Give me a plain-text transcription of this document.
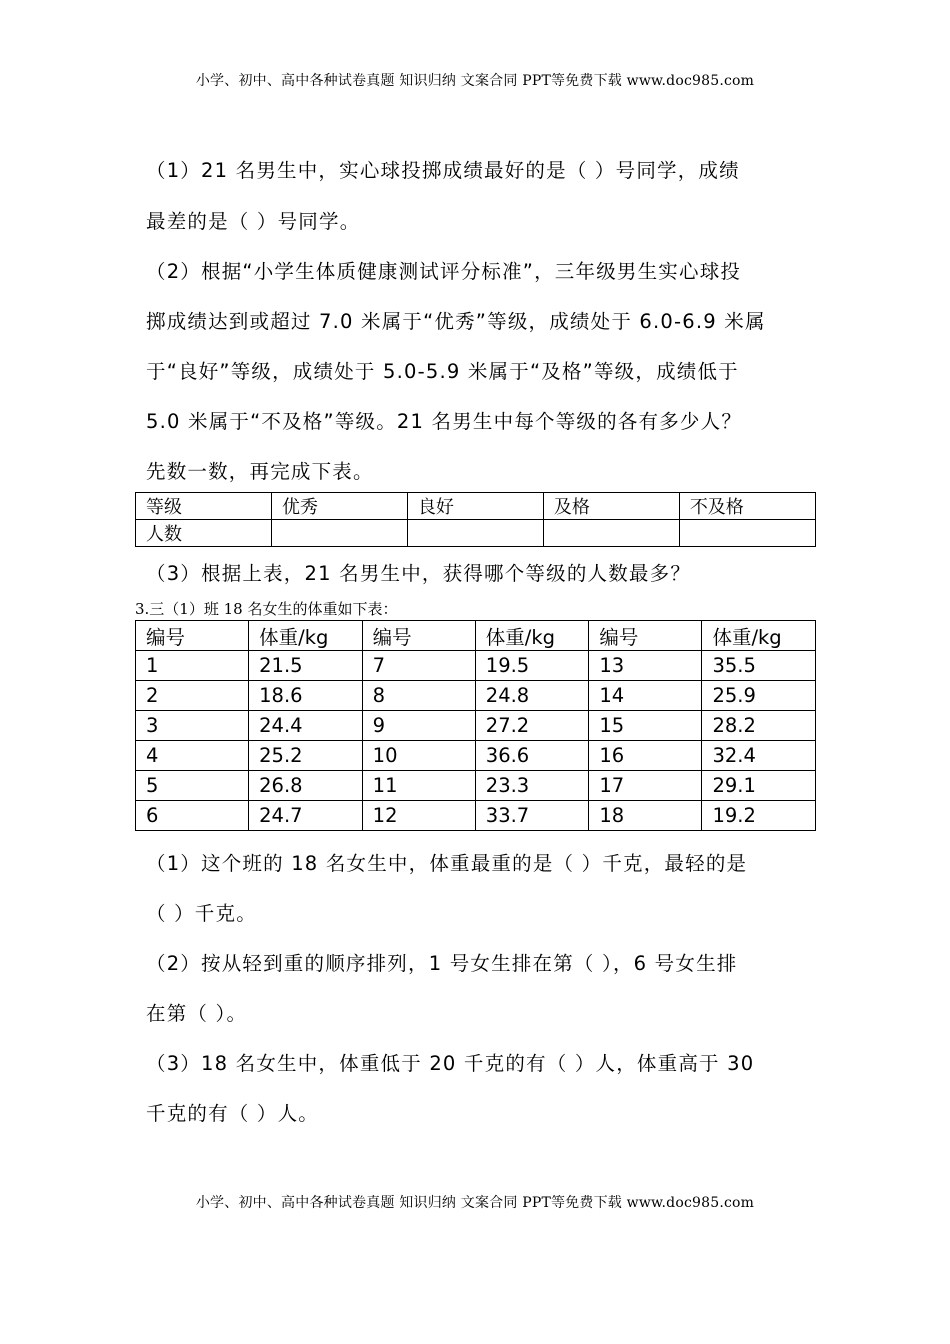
小学、初中、高中各种试卷真题 知识归纳 文案合同 PPT等免费下载 www.doc985.com
（1）21 名男生中，实心球投掷成绩最好的是（ ）号同学，成绩
最差的是（ ）号同学。
（2）根据“小学生体质健康测试评分标准”，三年级男生实心球投
掷成绩达到或超过 7.0 米属于“优秀”等级，成绩处于 6.0-6.9 米属
于“良好”等级，成绩处于 5.0-5.9 米属于“及格”等级，成绩低于
5.0 米属于“不及格”等级。21 名男生中每个等级的各有多少人？
先数一数，再完成下表。
等级	优秀	良好	及格	不及格
人数				
（3）根据上表，21 名男生中，获得哪个等级的人数最多？
3.三（1）班 18 名女生的体重如下表：
编号	体重/kg	编号	体重/kg	编号	体重/kg
1	21.5	7	19.5	13	35.5
2	18.6	8	24.8	14	25.9
3	24.4	9	27.2	15	28.2
4	25.2	10	36.6	16	32.4
5	26.8	11	23.3	17	29.1
6	24.7	12	33.7	18	19.2
（1）这个班的 18 名女生中，体重最重的是（ ）千克，最轻的是
（ ）千克。
（2）按从轻到重的顺序排列，1 号女生排在第（ ），6 号女生排
在第（ ）。
（3）18 名女生中，体重低于 20 千克的有（ ）人，体重高于 30
千克的有（ ）人。
小学、初中、高中各种试卷真题 知识归纳 文案合同 PPT等免费下载 www.doc985.com
